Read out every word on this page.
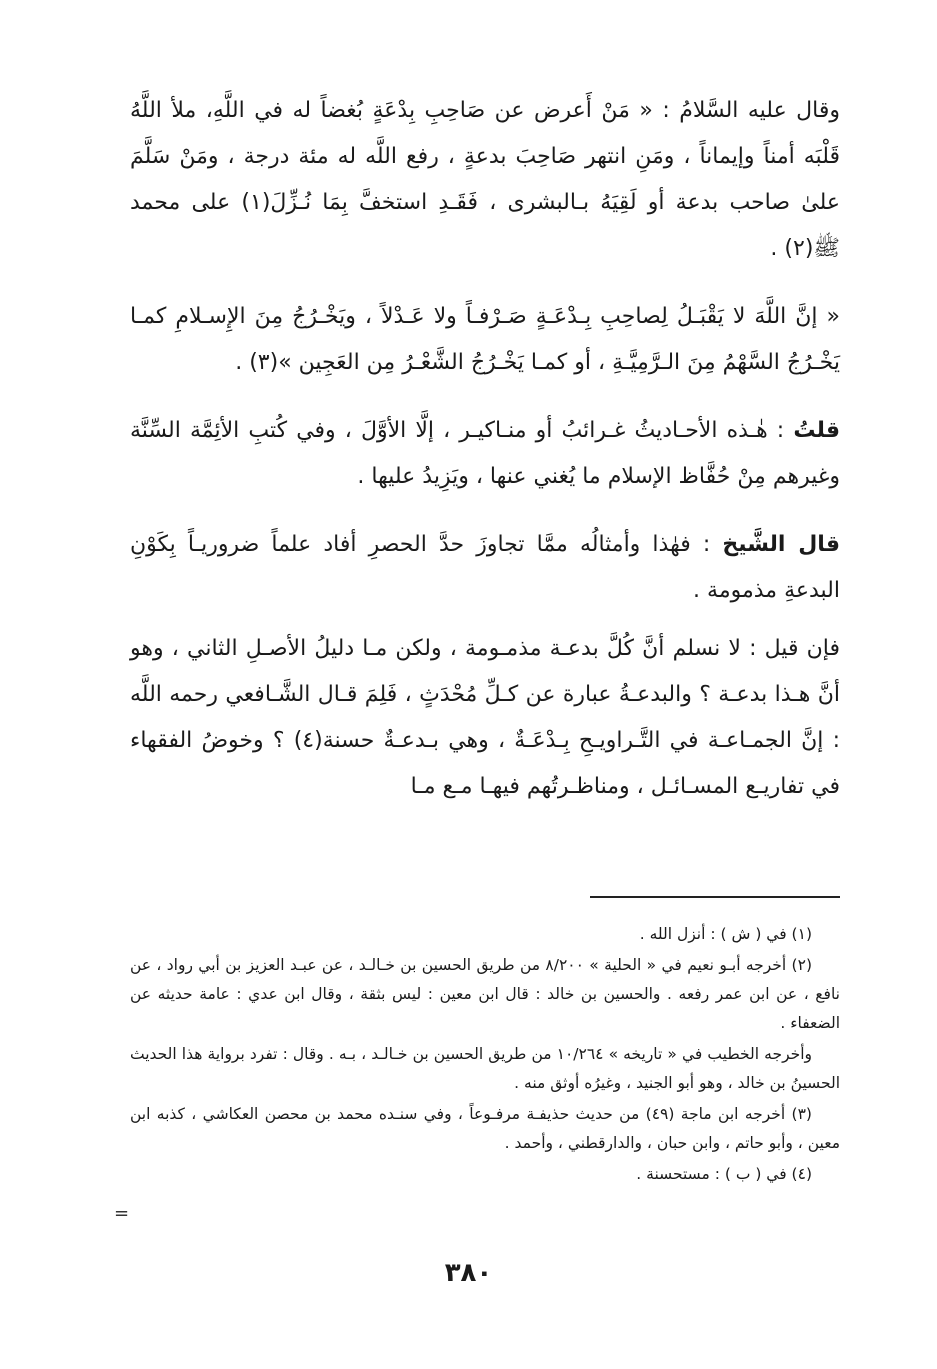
وقال عليه السَّلامُ : « مَنْ أَعرض عن صَاحِبِ بِدْعَةٍ بُغضاً له في اللَّهِ، ملأ اللَّهُ قَلْبَه أمناً وإيماناً ، ومَنِ انتهر صَاحِبَ بدعةٍ ، رفع اللَّه له مئة درجة ، ومَنْ سَلَّمَ علىٰ صاحب بدعة أو لَقِيَهُ بـالبشرى ، فَقَـدِ استخفَّ بِمَا نُـزِّلَ(١) على محمد ﷺ(٢) .

« إنَّ اللَّهَ لا يَقْبَـلُ لِصاحِبِ بِـدْعَـةٍ صَـرْفـاً ولا عَـدْلاً ، ويَخْـرُجُ مِنَ الإِسـلامِ كمـا يَخْـرُجُ السَّهْمُ مِنَ الـرَّمِيَّـةِ ، أو كمـا يَخْـرُجُ الشَّعْـرُ مِن العَجِين »(٣) .

قلتُ : هٰـذه الأحـاديثُ غـرائبُ أو منـاكيـر ، إلَّا الأوَّلَ ، وفي كُتبِ الأئِمَّة السِّنَّة وغيرهم مِنْ حُفَّاظ الإسلام ما يُغني عنها ، ويَزِيدُ عليها .

قال الشَّيخ : فهٰذا وأمثالُه ممَّا تجاوزَ حدَّ الحصرِ أفاد علماً ضروريـاً بِكَوْنِ البدعةِ مذمومة .

فإن قيل : لا نسلم أنَّ كُلَّ بدعـة مذمـومة ، ولكن مـا دليلُ الأصـلِ الثاني ، وهو أنَّ هـذا بدعـة ؟ والبدعـةُ عبارة عن كـلِّ مُحْدَثٍ ، فَلِمَ قـال الشَّـافعي رحمه اللَّه : إنَّ الجمـاعـة في التَّـراويـحِ بِـدْعَـةٌ ، وهي بـدعـةٌ حسنة(٤) ؟ وخوضُ الفقهاء في تفاريـع المسـائـل ، ومناظـرتُهم فيهـا مـع مـا

(١) في ( ش ) : أنزل الله .

(٢) أخرجه أبـو نعيم في « الحلية » ٨/٢٠٠ من طريق الحسين بن خـالـد ، عن عبـد العزيز بن أبي رواد ، عن نافع ، عن ابن عمر رفعه . والحسين بن خالد : قال ابن معين : ليس بثقة ، وقال ابن عدي : عامة حديثه عن الضعفاء .

وأخرجه الخطيب في « تاريخه » ١٠/٢٦٤ من طريق الحسين بن خـالـد ، بـه . وقال : تفرد برواية هذا الحديث الحسينُ بن خالد ، وهو أبو الجنيد ، وغيرُه أوثق منه .

(٣) أخرجه ابن ماجة (٤٩) من حديث حذيفـة مرفـوعاً ، وفي سنـده محمد بن محصن العكاشي ، كذبه ابن معين ، وأبو حاتم ، وابن حبان ، والدارقطني ، وأحمد .

(٤) في ( ب ) : مستحسنة .

=
٣٨٠
